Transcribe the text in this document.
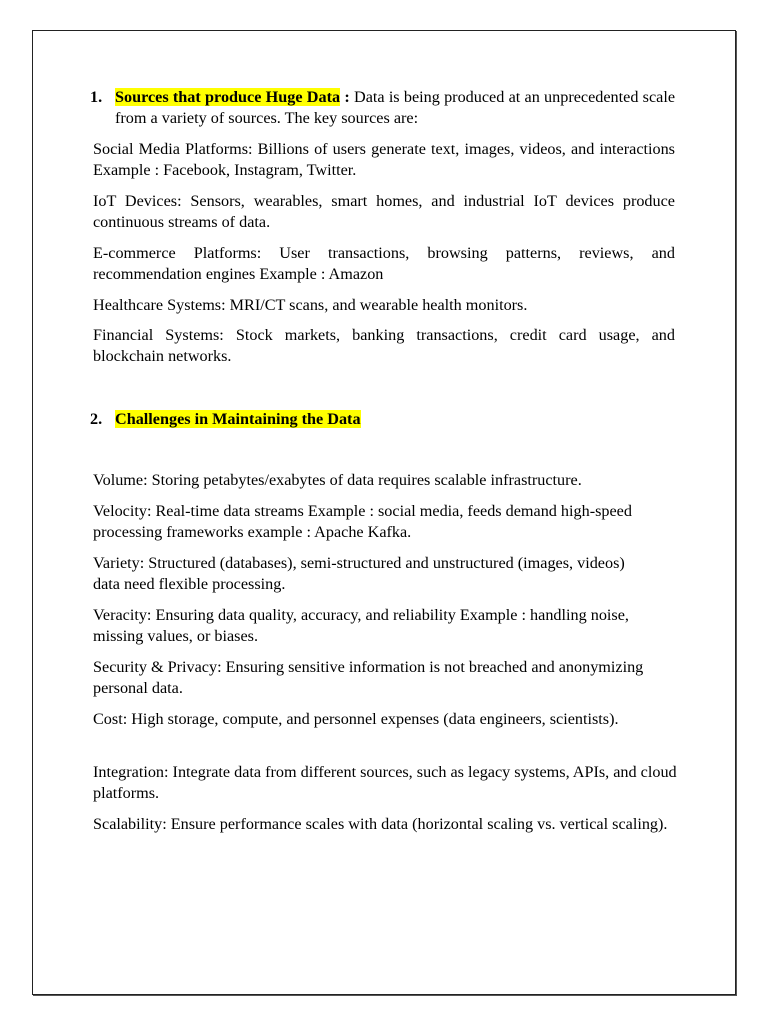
1. Sources that produce Huge Data : Data is being produced at an unprecedented scale from a variety of sources. The key sources are:

Social Media Platforms: Billions of users generate text, images, videos, and interactions Example : Facebook, Instagram, Twitter.

IoT Devices: Sensors, wearables, smart homes, and industrial IoT devices produce continuous streams of data.

E-commerce Platforms: User transactions, browsing patterns, reviews, and recommendation engines Example : Amazon

Healthcare Systems: MRI/CT scans, and wearable health monitors.

Financial Systems: Stock markets, banking transactions, credit card usage, and blockchain networks.

2. Challenges in Maintaining the Data

Volume: Storing petabytes/exabytes of data requires scalable infrastructure.

Velocity: Real-time data streams Example : social media, feeds demand high-speed processing frameworks example : Apache Kafka.

Variety: Structured (databases), semi-structured and unstructured (images, videos) data need flexible processing.

Veracity: Ensuring data quality, accuracy, and reliability Example : handling noise, missing values, or biases.

Security & Privacy: Ensuring sensitive information is not breached and anonymizing personal data.

Cost: High storage, compute, and personnel expenses (data engineers, scientists).

Integration: Integrate data from different sources, such as legacy systems, APIs, and cloud platforms.

Scalability: Ensure performance scales with data (horizontal scaling vs. vertical scaling).
